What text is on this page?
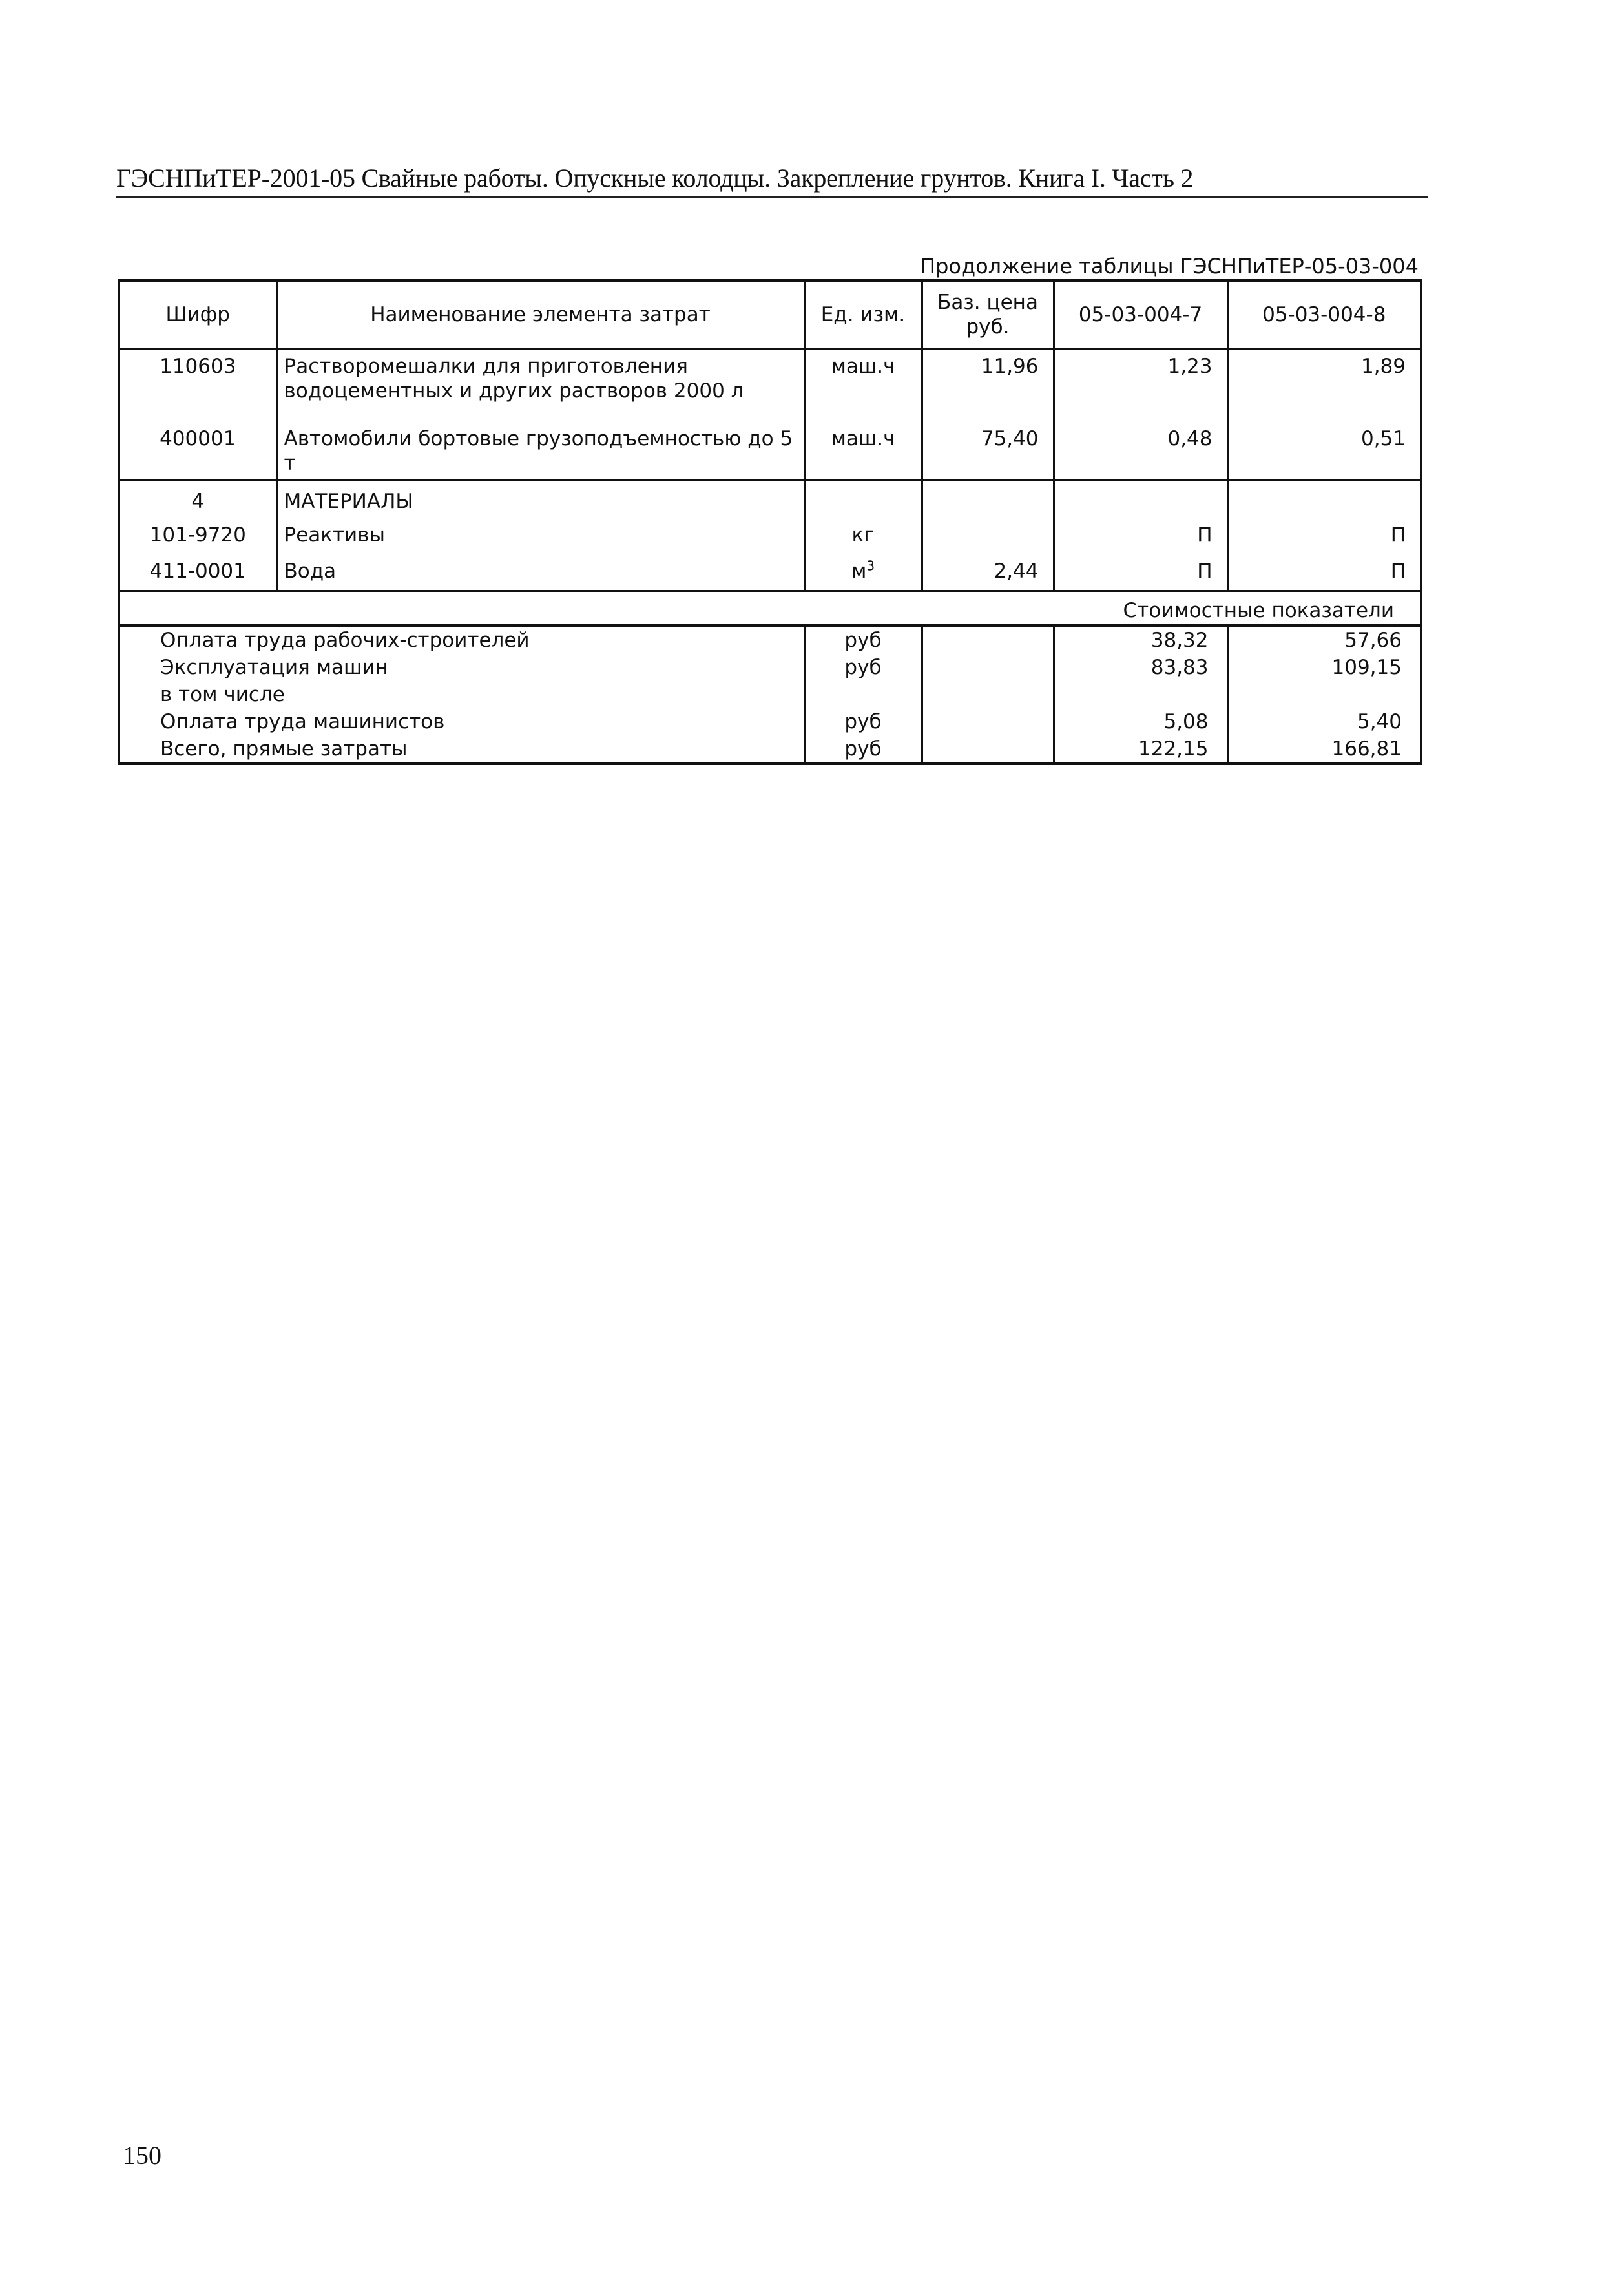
ГЭСНПиТЕР-2001-05 Свайные работы. Опускные колодцы. Закрепление грунтов. Книга I. Часть 2
Продолжение таблицы ГЭСНПиТЕР-05-03-004
Шифр	Наименование элемента затрат	Ед. изм.	Баз. цена руб.	05-03-004-7	05-03-004-8
110603	Растворомешалки для приготовления водоцементных и других растворов 2000 л	маш.ч	11,96	1,23	1,89
400001	Автомобили бортовые грузоподъемностью до 5 т	маш.ч	75,40	0,48	0,51
4	МАТЕРИАЛЫ				
101-9720	Реактивы	кг		П	П
411-0001	Вода	$м^3$	2,44	П	П
Стоимостные показатели					
Оплата труда рабочих-строителей		руб		38,32	57,66
Эксплуатация машин		руб		83,83	109,15
в том числе					
Оплата труда машинистов		руб		5,08	5,40
Всего, прямые затраты		руб		122,15	166,81
150
